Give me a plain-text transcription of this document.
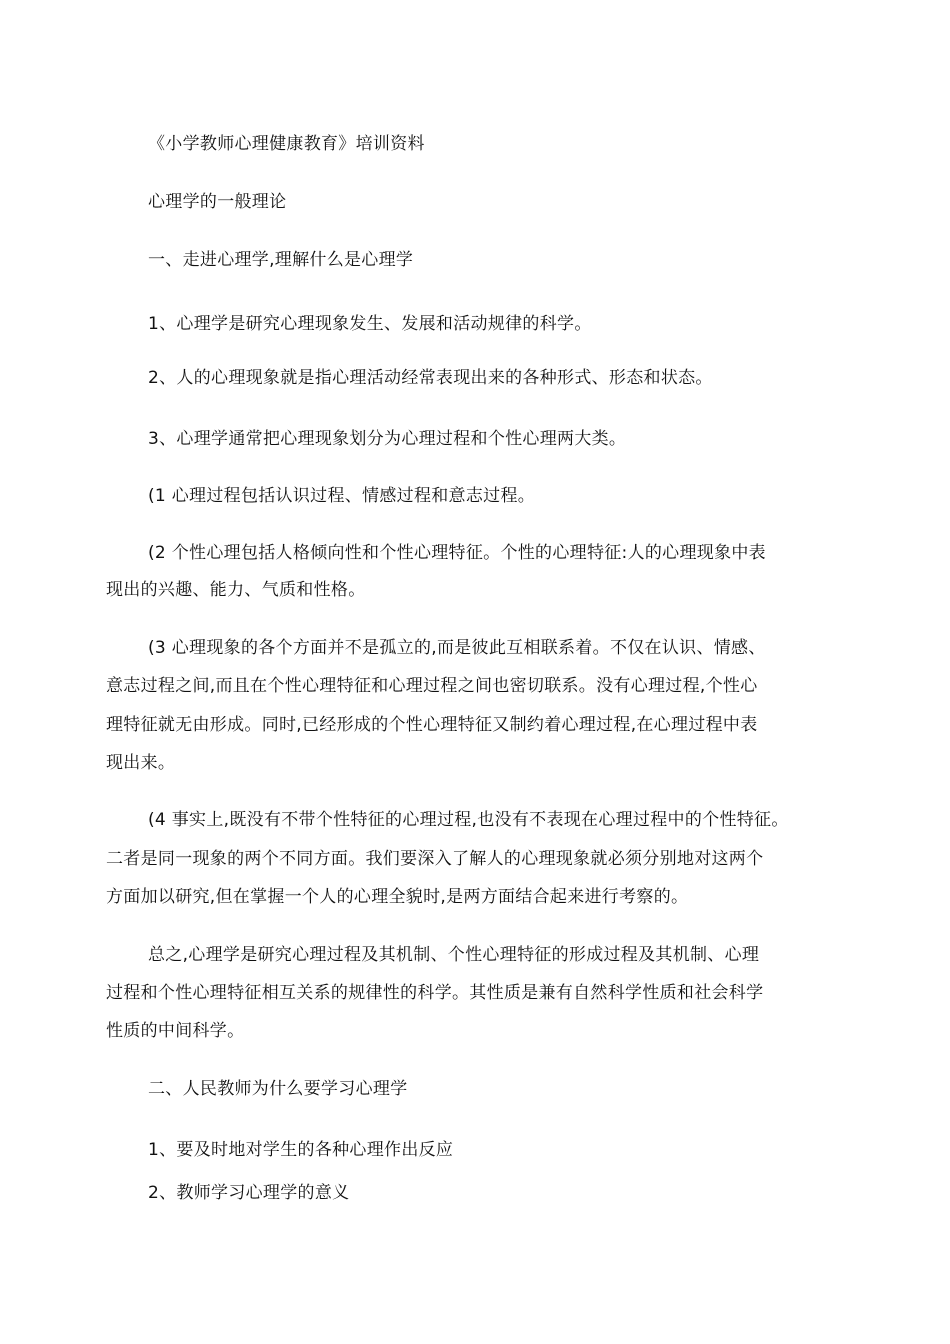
《小学教师心理健康教育》培训资料

心理学的一般理论

一、走进心理学,理解什么是心理学

1、心理学是研究心理现象发生、发展和活动规律的科学。

2、人的心理现象就是指心理活动经常表现出来的各种形式、形态和状态。

3、心理学通常把心理现象划分为心理过程和个性心理两大类。

(1 心理过程包括认识过程、情感过程和意志过程。

(2 个性心理包括人格倾向性和个性心理特征。个性的心理特征:人的心理现象中表

现出的兴趣、能力、气质和性格。

(3 心理现象的各个方面并不是孤立的,而是彼此互相联系着。不仅在认识、情感、

意志过程之间,而且在个性心理特征和心理过程之间也密切联系。没有心理过程,个性心

理特征就无由形成。同时,已经形成的个性心理特征又制约着心理过程,在心理过程中表

现出来。

(4 事实上,既没有不带个性特征的心理过程,也没有不表现在心理过程中的个性特征。

二者是同一现象的两个不同方面。我们要深入了解人的心理现象就必须分别地对这两个

方面加以研究,但在掌握一个人的心理全貌时,是两方面结合起来进行考察的。

总之,心理学是研究心理过程及其机制、个性心理特征的形成过程及其机制、心理

过程和个性心理特征相互关系的规律性的科学。其性质是兼有自然科学性质和社会科学

性质的中间科学。

二、人民教师为什么要学习心理学

1、要及时地对学生的各种心理作出反应

2、教师学习心理学的意义
